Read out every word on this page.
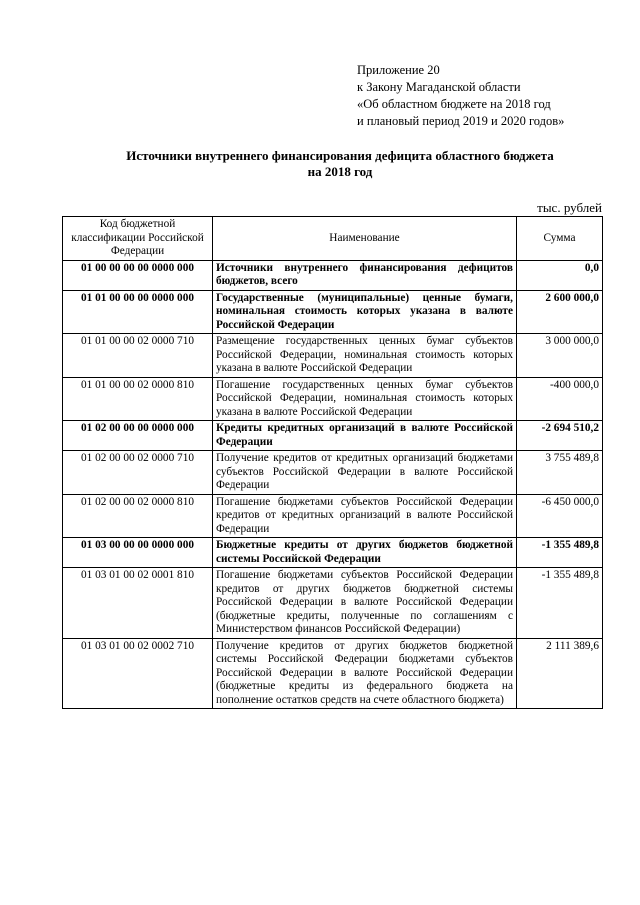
Приложение 20
к Закону Магаданской области
«Об областном бюджете на 2018 год
и плановый период 2019 и 2020 годов»
Источники внутреннего финансирования дефицита областного бюджета
на 2018 год
тыс. рублей
Код бюджетной классификации Российской Федерации	Наименование	Сумма
01 00 00 00 00 0000 000	Источники внутреннего финансирования дефицитов бюджетов, всего	0,0
01 01 00 00 00 0000 000	Государственные (муниципальные) ценные бумаги, номинальная стоимость которых указана в валюте Российской Федерации	2 600 000,0
01 01 00 00 02 0000 710	Размещение государственных ценных бумаг субъектов Российской Федерации, номинальная стоимость которых указана в валюте Российской Федерации	3 000 000,0
01 01 00 00 02 0000 810	Погашение государственных ценных бумаг субъектов Российской Федерации, номинальная стоимость которых указана в валюте Российской Федерации	-400 000,0
01 02 00 00 00 0000 000	Кредиты кредитных организаций в валюте Российской Федерации	-2 694 510,2
01 02 00 00 02 0000 710	Получение кредитов от кредитных организаций бюджетами субъектов Российской Федерации в валюте Российской Федерации	3 755 489,8
01 02 00 00 02 0000 810	Погашение бюджетами субъектов Российской Федерации кредитов от кредитных организаций в валюте Российской Федерации	-6 450 000,0
01 03 00 00 00 0000 000	Бюджетные кредиты от других бюджетов бюджетной системы Российской Федерации	-1 355 489,8
01 03 01 00 02 0001 810	Погашение бюджетами субъектов Российской Федерации кредитов от других бюджетов бюджетной системы Российской Федерации в валюте Российской Федерации (бюджетные кредиты, полученные по соглашениям с Министерством финансов Российской Федерации)	-1 355 489,8
01 03 01 00 02 0002 710	Получение кредитов от других бюджетов бюджетной системы Российской Федерации бюджетами субъектов Российской Федерации в валюте Российской Федерации (бюджетные кредиты из федерального бюджета на пополнение остатков средств на счете областного бюджета)	2 111 389,6
